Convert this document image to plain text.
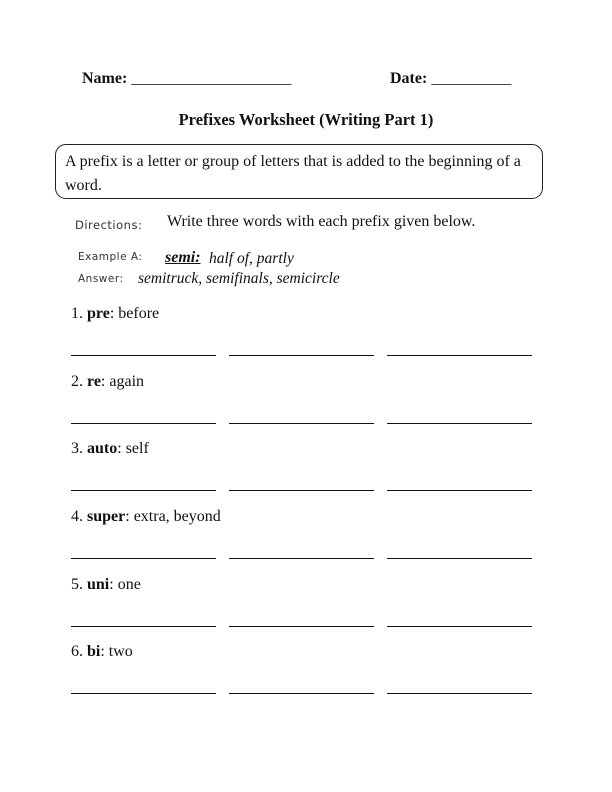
Name: ____________________	Date: __________
Prefixes Worksheet (Writing Part 1)
A prefix is a letter or group of letters that is added to the beginning of a word.
Directions: Write three words with each prefix given below.
Example A: semi: half of, partly
Answer: semitruck, semifinals, semicircle
1. pre: before
2. re: again
3. auto: self
4. super: extra, beyond
5. uni: one
6. bi: two
